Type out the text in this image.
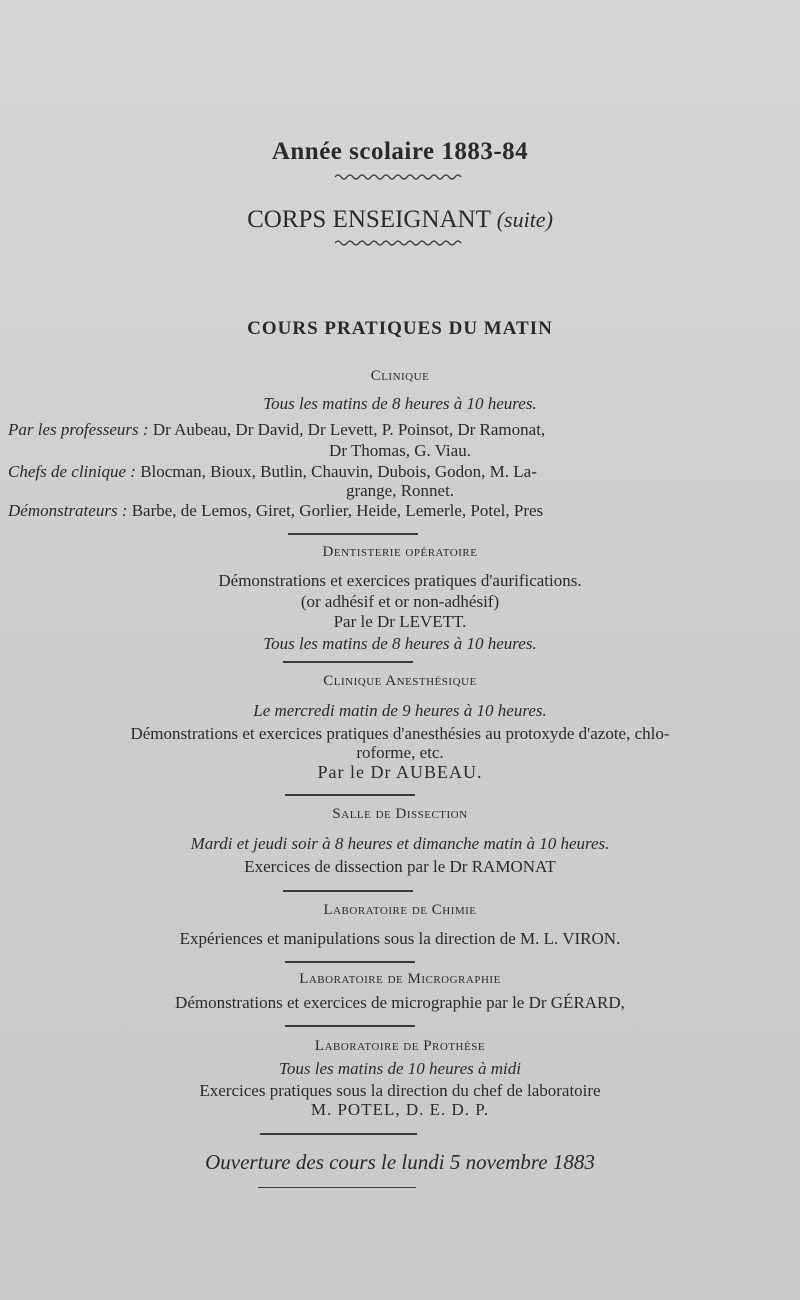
Année scolaire 1883-84
CORPS ENSEIGNANT (suite)
COURS PRATIQUES DU MATIN
Clinique
Tous les matins de 8 heures à 10 heures.
Par les professeurs : Dr Aubeau, Dr David, Dr Levett, P. Poinsot, Dr Ramonat,
Dr Thomas, G. Viau.
Chefs de clinique : Blocman, Bioux, Butlin, Chauvin, Dubois, Godon, M. La-
grange, Ronnet.
Démonstrateurs : Barbe, de Lemos, Giret, Gorlier, Heide, Lemerle, Potel, Pres
Dentisterie opératoire
Démonstrations et exercices pratiques d'aurifications.
(or adhésif et or non-adhésif)
Par le Dr LEVETT.
Tous les matins de 8 heures à 10 heures.
Clinique Anesthésique
Le mercredi matin de 9 heures à 10 heures.
Démonstrations et exercices pratiques d'anesthésies au protoxyde d'azote, chlo-
roforme, etc.
Par le Dr AUBEAU.
Salle de Dissection
Mardi et jeudi soir à 8 heures et dimanche matin à 10 heures.
Exercices de dissection par le Dr RAMONAT
Laboratoire de Chimie
Expériences et manipulations sous la direction de M. L. VIRON.
Laboratoire de Micrographie
Démonstrations et exercices de micrographie par le Dr GÉRARD,
Laboratoire de Prothèse
Tous les matins de 10 heures à midi
Exercices pratiques sous la direction du chef de laboratoire
M. POTEL, D. E. D. P.
Ouverture des cours le lundi 5 novembre 1883
